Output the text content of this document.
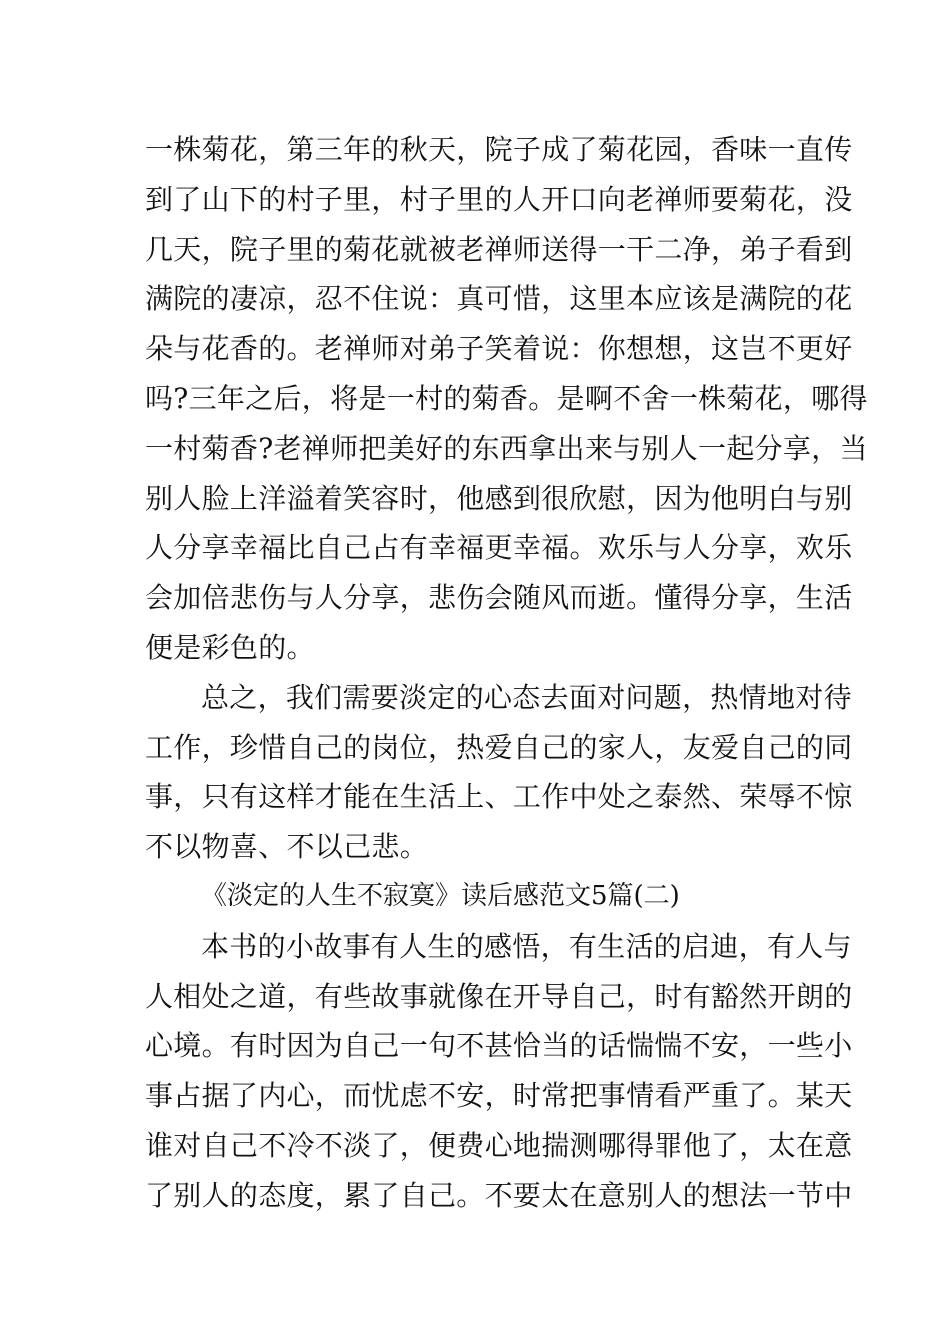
一株菊花，第三年的秋天，院子成了菊花园，香味一直传
到了山下的村子里，村子里的人开口向老禅师要菊花，没
几天，院子里的菊花就被老禅师送得一干二净，弟子看到
满院的凄凉，忍不住说：真可惜，这里本应该是满院的花
朵与花香的。老禅师对弟子笑着说：你想想，这岂不更好
吗?三年之后，将是一村的菊香。是啊不舍一株菊花，哪得
一村菊香?老禅师把美好的东西拿出来与别人一起分享，当
别人脸上洋溢着笑容时，他感到很欣慰，因为他明白与别
人分享幸福比自己占有幸福更幸福。欢乐与人分享，欢乐
会加倍悲伤与人分享，悲伤会随风而逝。懂得分享，生活
便是彩色的。
总之，我们需要淡定的心态去面对问题，热情地对待
工作，珍惜自己的岗位，热爱自己的家人，友爱自己的同
事，只有这样才能在生活上、工作中处之泰然、荣辱不惊
不以物喜、不以己悲。
《淡定的人生不寂寞》读后感范文5篇(二)
本书的小故事有人生的感悟，有生活的启迪，有人与
人相处之道，有些故事就像在开导自己，时有豁然开朗的
心境。有时因为自己一句不甚恰当的话惴惴不安，一些小
事占据了内心，而忧虑不安，时常把事情看严重了。某天
谁对自己不冷不淡了，便费心地揣测哪得罪他了，太在意
了别人的态度，累了自己。不要太在意别人的想法一节中
